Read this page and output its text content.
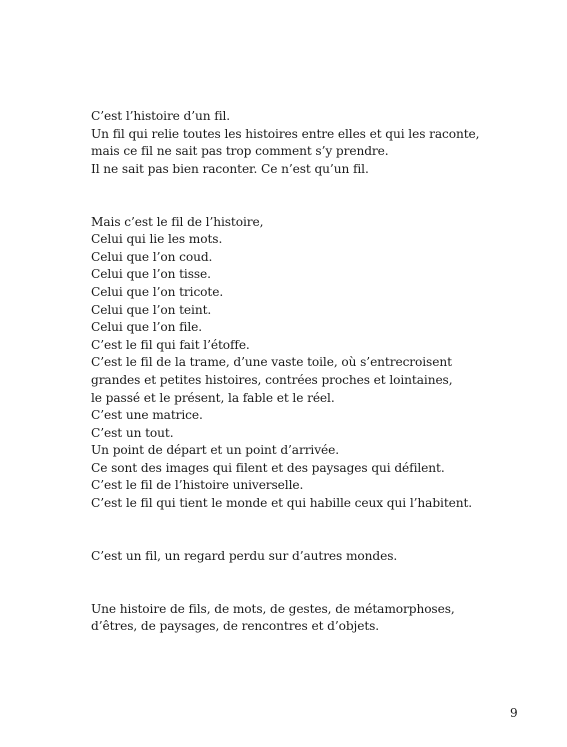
C’est l’histoire d’un fil.
Un fil qui relie toutes les histoires entre elles et qui les raconte,
mais ce fil ne sait pas trop comment s’y prendre.
Il ne sait pas bien raconter. Ce n’est qu’un fil.
Mais c’est le fil de l’histoire,
Celui qui lie les mots.
Celui que l’on coud.
Celui que l’on tisse.
Celui que l’on tricote.
Celui que l’on teint.
Celui que l’on file.
C’est le fil qui fait l’étoffe.
C’est le fil de la trame, d’une vaste toile, où s’entrecroisent
grandes et petites histoires, contrées proches et lointaines,
le passé et le présent, la fable et le réel.
C’est une matrice.
C’est un tout.
Un point de départ et un point d’arrivée.
Ce sont des images qui filent et des paysages qui défilent.
C’est le fil de l’histoire universelle.
C’est le fil qui tient le monde et qui habille ceux qui l’habitent.
C’est un fil, un regard perdu sur d’autres mondes.
Une histoire de fils, de mots, de gestes, de métamorphoses,
d’êtres, de paysages, de rencontres et d’objets.
9
